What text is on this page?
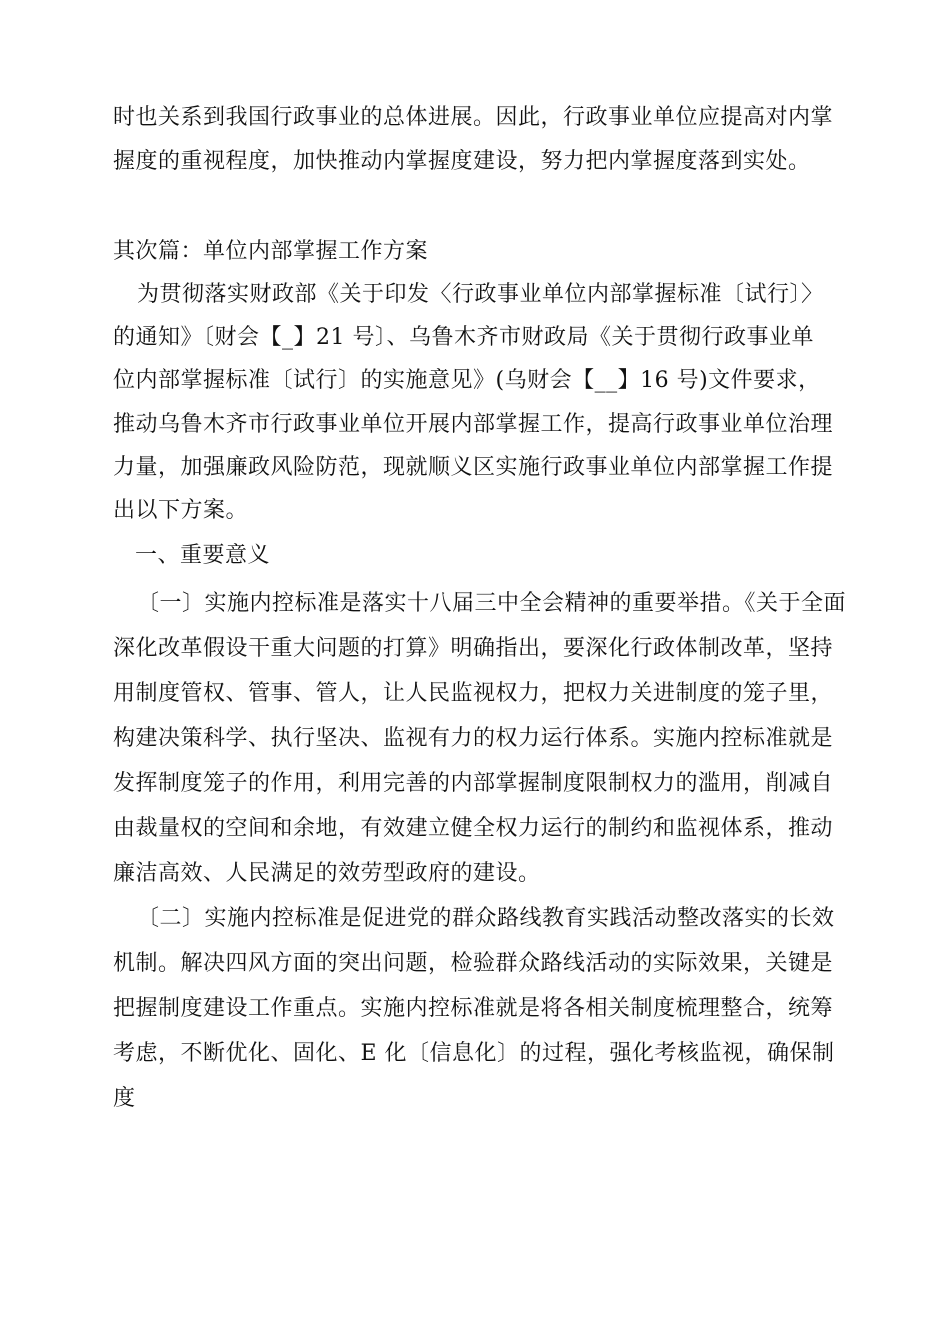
时也关系到我国行政事业的总体进展。因此，行政事业单位应提高对内掌
握度的重视程度，加快推动内掌握度建设，努力把内掌握度落到实处。
其次篇：单位内部掌握工作方案
为贯彻落实财政部《关于印发〈行政事业单位内部掌握标准〔试行〕〉
的通知》〔财会【_】21 号〕、乌鲁木齐市财政局《关于贯彻行政事业单
位内部掌握标准〔试行〕的实施意见》(乌财会【__】16 号)文件要求，
推动乌鲁木齐市行政事业单位开展内部掌握工作，提高行政事业单位治理
力量，加强廉政风险防范，现就顺义区实施行政事业单位内部掌握工作提
出以下方案。
一、重要意义
〔一〕实施内控标准是落实十八届三中全会精神的重要举措。《关于全面
深化改革假设干重大问题的打算》明确指出，要深化行政体制改革，坚持
用制度管权、管事、管人，让人民监视权力，把权力关进制度的笼子里，
构建决策科学、执行坚决、监视有力的权力运行体系。实施内控标准就是
发挥制度笼子的作用，利用完善的内部掌握制度限制权力的滥用，削减自
由裁量权的空间和余地，有效建立健全权力运行的制约和监视体系，推动
廉洁高效、人民满足的效劳型政府的建设。
〔二〕实施内控标准是促进党的群众路线教育实践活动整改落实的长效
机制。解决四风方面的突出问题，检验群众路线活动的实际效果，关键是
把握制度建设工作重点。实施内控标准就是将各相关制度梳理整合，统筹
考虑，不断优化、固化、E 化〔信息化〕的过程，强化考核监视，确保制
度
